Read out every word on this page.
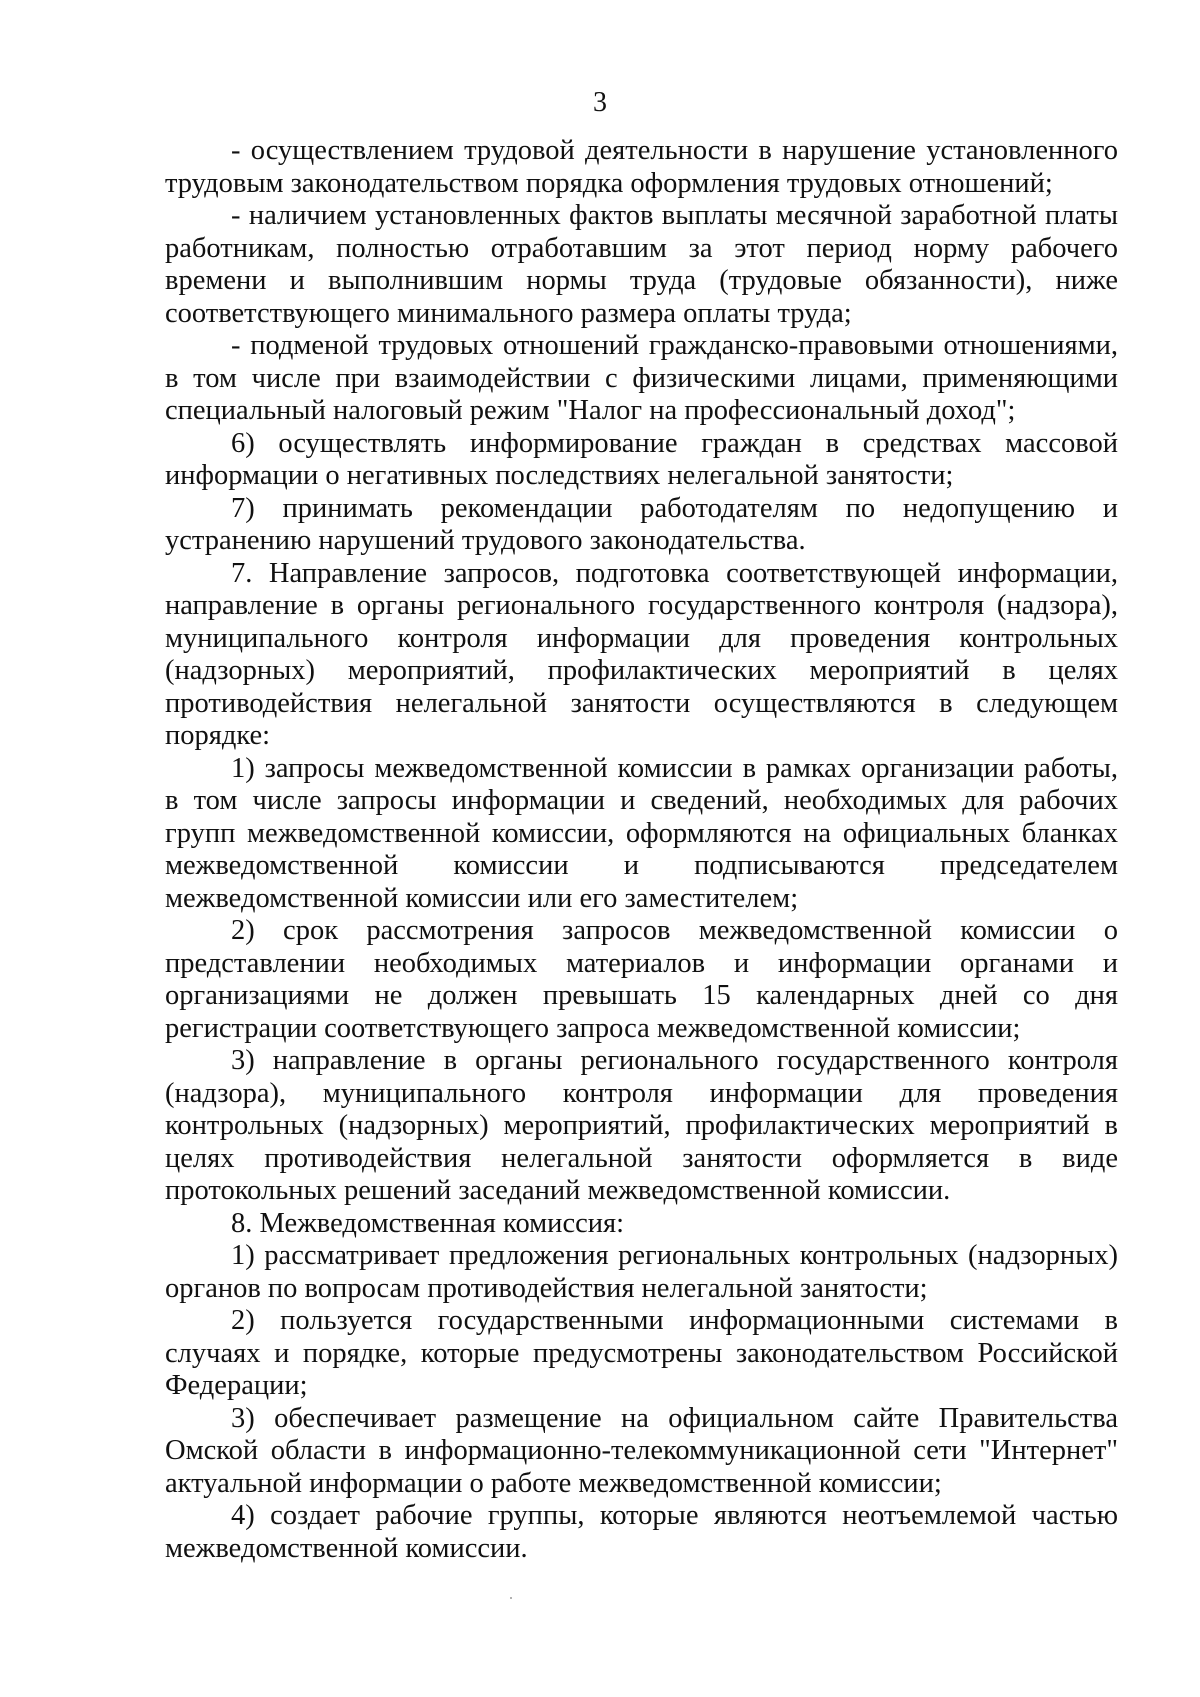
3

- осуществлением трудовой деятельности в нарушение установленного трудовым законодательством порядка оформления трудовых отношений;

- наличием установленных фактов выплаты месячной заработной платы работникам, полностью отработавшим за этот период норму рабочего времени и выполнившим нормы труда (трудовые обязанности), ниже соответствующего минимального размера оплаты труда;

- подменой трудовых отношений гражданско-правовыми отношениями, в том числе при взаимодействии с физическими лицами, применяющими специальный налоговый режим "Налог на профессиональный доход";

6) осуществлять информирование граждан в средствах массовой информации о негативных последствиях нелегальной занятости;

7) принимать рекомендации работодателям по недопущению и устранению нарушений трудового законодательства.

7. Направление запросов, подготовка соответствующей информации, направление в органы регионального государственного контроля (надзора), муниципального контроля информации для проведения контрольных (надзорных) мероприятий, профилактических мероприятий в целях противодействия нелегальной занятости осуществляются в следующем порядке:

1) запросы межведомственной комиссии в рамках организации работы, в том числе запросы информации и сведений, необходимых для рабочих групп межведомственной комиссии, оформляются на официальных бланках межведомственной комиссии и подписываются председателем межведомственной комиссии или его заместителем;

2) срок рассмотрения запросов межведомственной комиссии о представлении необходимых материалов и информации органами и организациями не должен превышать 15 календарных дней со дня регистрации соответствующего запроса межведомственной комиссии;

3) направление в органы регионального государственного контроля (надзора), муниципального контроля информации для проведения контрольных (надзорных) мероприятий, профилактических мероприятий в целях противодействия нелегальной занятости оформляется в виде протокольных решений заседаний межведомственной комиссии.

8. Межведомственная комиссия:

1) рассматривает предложения региональных контрольных (надзорных) органов по вопросам противодействия нелегальной занятости;

2) пользуется государственными информационными системами в случаях и порядке, которые предусмотрены законодательством Российской Федерации;

3) обеспечивает размещение на официальном сайте Правительства Омской области в информационно-телекоммуникационной сети "Интернет" актуальной информации о работе межведомственной комиссии;

4) создает рабочие группы, которые являются неотъемлемой частью межведомственной комиссии.
